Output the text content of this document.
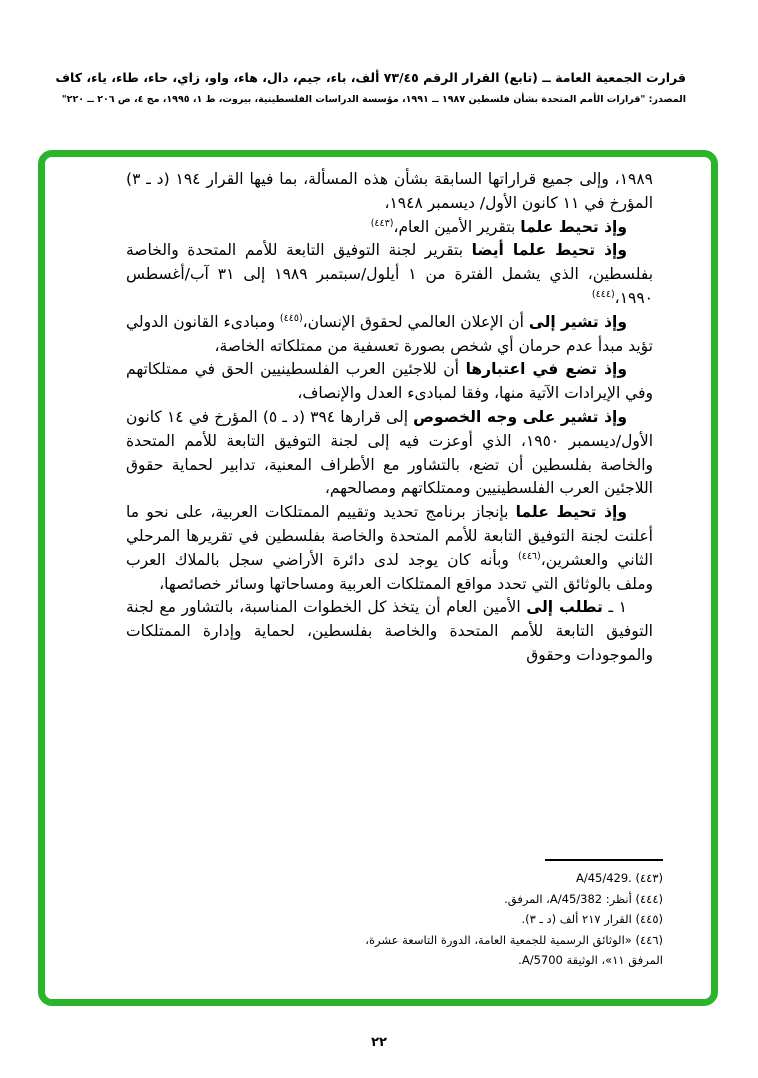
قرارت الجمعية العامة ــ (تابع) القرار الرقم ٧٣/٤٥ ألف، باء، جيم، دال، هاء، واو، زاي، حاء، طاء، ياء، كاف
المصدر: "قرارات الأمم المتحدة بشأن فلسطين ١٩٨٧ ــ ١٩٩١، مؤسسة الدراسات الفلسطينية، بيروت، ط ١، ١٩٩٥، مج ٤، ص ٢٠٦ ــ ٢٢٠"

١٩٨٩، وإلى جميع قراراتها السابقة بشأن هذه المسألة، بما فيها القرار ١٩٤ (د ـ ٣) المؤرخ في ١١ كانون الأول/ ديسمبر ١٩٤٨،

وإذ تحيط علما بتقرير الأمين العام،$^{(٤٤٣)}$

وإذ تحيط علما أيضا بتقرير لجنة التوفيق التابعة للأمم المتحدة والخاصة بفلسطين، الذي يشمل الفترة من ١ أيلول/سبتمبر ١٩٨٩ إلى ٣١ آب/أغسطس ١٩٩٠،$^{(٤٤٤)}$

وإذ تشير إلى أن الإعلان العالمي لحقوق الإنسان،$^{(٤٤٥)}$ ومبادىء القانون الدولي تؤيد مبدأ عدم حرمان أي شخص بصورة تعسفية من ممتلكاته الخاصة،

وإذ تضع في اعتبارها أن للاجئين العرب الفلسطينيين الحق في ممتلكاتهم وفي الإيرادات الآتية منها، وفقا لمبادىء العدل والإنصاف،

وإذ تشير على وجه الخصوص إلى قرارها ٣٩٤ (د ـ ٥) المؤرخ في ١٤ كانون الأول/ديسمبر ١٩٥٠، الذي أوعزت فيه إلى لجنة التوفيق التابعة للأمم المتحدة والخاصة بفلسطين أن تضع، بالتشاور مع الأطراف المعنية، تدابير لحماية حقوق اللاجئين العرب الفلسطينيين وممتلكاتهم ومصالحهم،

وإذ تحيط علما بإنجاز برنامج تحديد وتقييم الممتلكات العربية، على نحو ما أعلنت لجنة التوفيق التابعة للأمم المتحدة والخاصة بفلسطين في تقريرها المرحلي الثاني والعشرين،$^{(٤٤٦)}$ وبأنه كان يوجد لدى دائرة الأراضي سجل بالملاك العرب وملف بالوثائق التي تحدد مواقع الممتلكات العربية ومساحاتها وسائر خصائصها،

١ ـ تطلب إلى الأمين العام أن يتخذ كل الخطوات المناسبة، بالتشاور مع لجنة التوفيق التابعة للأمم المتحدة والخاصة بفلسطين، لحماية وإدارة الممتلكات والموجودات وحقوق

(٤٤٣) A/45/429.

(٤٤٤) أنظر: A/45/382، المرفق.

(٤٤٥) القرار ٢١٧ ألف (د ـ ٣).

(٤٤٦) «الوثائق الرسمية للجمعية العامة، الدورة التاسعة عشرة، المرفق ١١»، الوثيقة A/5700.

٢٢
